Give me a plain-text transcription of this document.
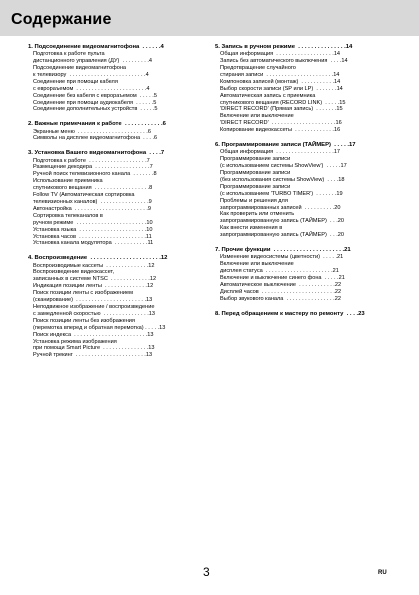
Содержание
1. Подсоединение видеомагнитофона  . . . . . .4
Подготовка к работе пульта
дистанционного управления (ДУ)  . . . . . . . . .4
Подсоединение видеомагнитофона
к телевизору  . . . . . . . . . . . . . . . . . . . . . . . . .4
Соединение при помощи кабеля
с еврораъемом  . . . . . . . . . . . . . . . . . . . . . . .4
Соединение без кабеля с еврораъемом  . . . . .5
Соединение при помощи аудиокабеля  . . . . . .5
Соединение дополнительных устройств  . . . . .5
2. Важные примечания к работе  . . . . . . . . . . . .6
Экранные меню  . . . . . . . . . . . . . . . . . . . . . . .6
Символы на дисплее видеомагнитофона  . . . .6
3. Установка Вашего видеомагнитофона  . . . .7
Подготовка к работе  . . . . . . . . . . . . . . . . . . .7
Размещение декодера  . . . . . . . . . . . . . . . . . .7
Ручной поиск телевизионного канала  . . . . . . .8
Использование приемника
спутникового вещания  . . . . . . . . . . . . . . . . . .8
Follow TV (Автоматическая сортировка
телевизионных каналов)  . . . . . . . . . . . . . . . .9
Автонастройка  . . . . . . . . . . . . . . . . . . . . . . . .9
Сортировка телеканалов в
ручном режиме  . . . . . . . . . . . . . . . . . . . . . . .10
Установка языка  . . . . . . . . . . . . . . . . . . . . . .10
Установка часов  . . . . . . . . . . . . . . . . . . . . . .11
Установка канала модулятора  . . . . . . . . . . .11
4. Воспроизведение  . . . . . . . . . . . . . . . . . . . . . .12
Воспроизводимые кассеты  . . . . . . . . . . . . . .12
Воспроизведение видеокассет,
записанных в системе NTSC  . . . . . . . . . . . . .12
Индикация позиции ленты  . . . . . . . . . . . . . .12
Поиск позиции ленты с изображением
(сканирование)  . . . . . . . . . . . . . . . . . . . . . . .13
Неподвижное изображение / воспроизведение
с замедленной скоростью  . . . . . . . . . . . . . . .13
Поиск позиции ленты без изображения
(перемотка вперед и обратная перемотка) . . . . .13
Поиск индекса  . . . . . . . . . . . . . . . . . . . . . . . .13
Установка режима изображения
при помощи Smart Picture  . . . . . . . . . . . . . . .13
Ручной трекинг  . . . . . . . . . . . . . . . . . . . . . . .13
5. Запись в ручном режиме  . . . . . . . . . . . . . . .14
Общая информация  . . . . . . . . . . . . . . . . . . .14
Запись без автоматического выключения  . . . .14
Предотвращение случайного
стирания записи  . . . . . . . . . . . . . . . . . . . . . .14
Компоновка записей (монтаж)  . . . . . . . . . . .14
Выбор скорости записи (SP или LP)  . . . . . . .14
Автоматическая запись с приемника
спутникового вещания (RECORD LINK)  . . . . .15
'DIRECT RECORD' (Прямая запись)  . . . . . . .15
Включение или выключение
'DIRECT RECORD'  . . . . . . . . . . . . . . . . . . . . .16
Копирование видеокассеты  . . . . . . . . . . . . .16
6. Программирование записи (ТАЙМЕР)  . . . . .17
Общая информация  . . . . . . . . . . . . . . . . . . .17
Программирование записи
(с использованием системы ShowView')  . . . . .17
Программирование записи
(без использования системы ShowView)  . . . .18
Программирование записи
(с использованием 'TURBO TIMER')  . . . . . . .19
Проблемы и решения для
запрограммированных записей  . . . . . . . . . .20
Как проверить или отменить
запрограммированную запись (ТАЙМЕР)  . . .20
Как внести изменения в
запрограммированную запись (ТАЙМЕР)  . . .20
7. Прочие функции  . . . . . . . . . . . . . . . . . . . . . .21
Изменение видеосистемы (цветности)  . . . . .21
Включение или выключение
дисплея статуса  . . . . . . . . . . . . . . . . . . . . . .21
Включение и выключение синего фона  . . . . .21
Автоматическое выключение  . . . . . . . . . . . .22
Дисплей часов  . . . . . . . . . . . . . . . . . . . . . . . .22
Выбор звукового канала  . . . . . . . . . . . . . . . .22
8. Перед обращением к мастеру по ремонту  . . . .23
3	RU
